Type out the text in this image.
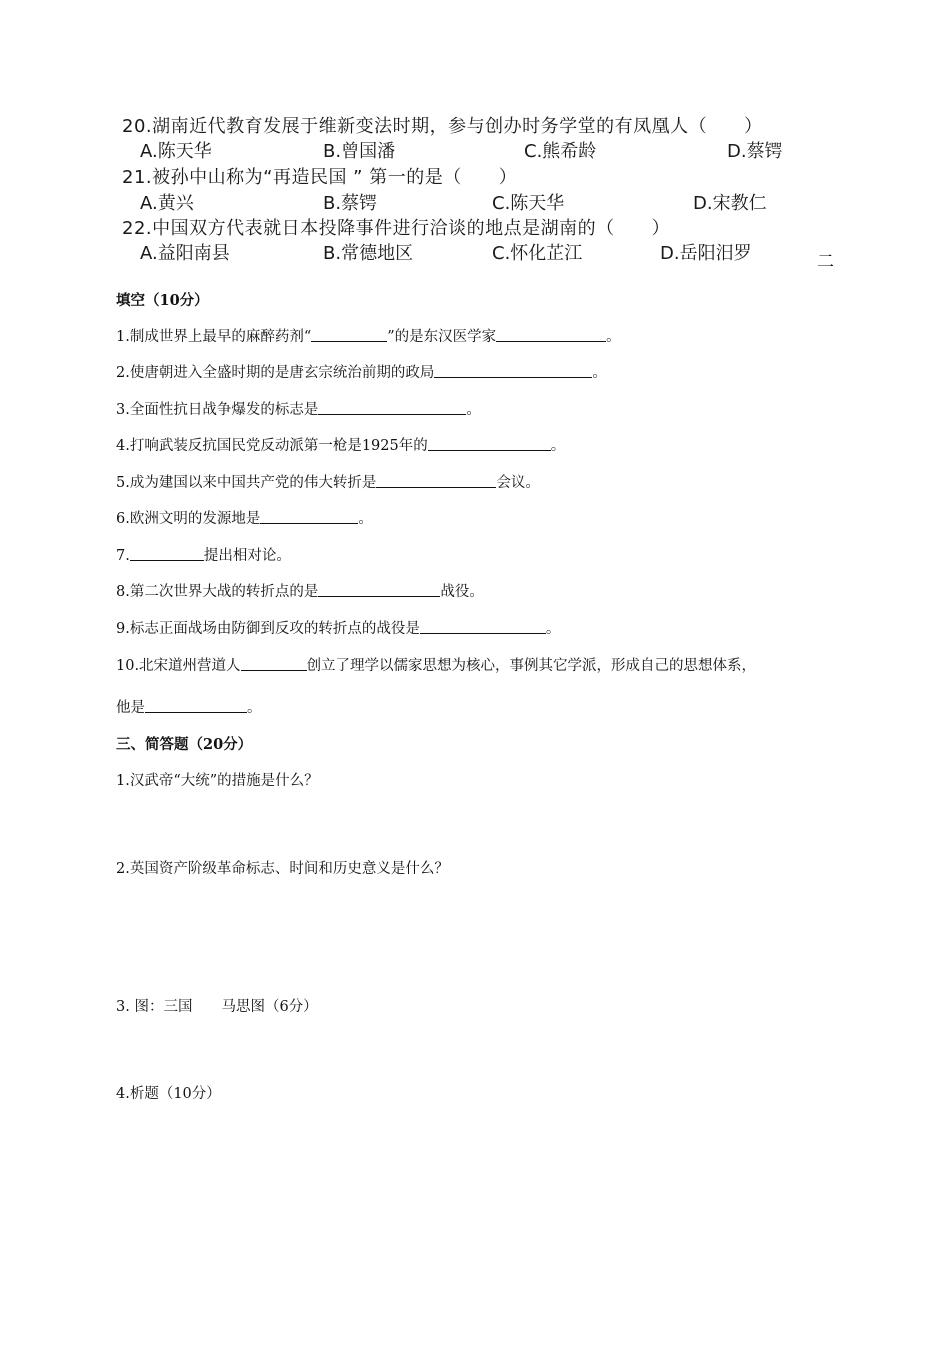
20.湖南近代教育发展于维新变法时期，参与创办时务学堂的有凤凰人（　　）
A.陈天华	B.曾国潘	C.熊希龄	D.蔡锷
21.被孙中山称为“再造民国 ” 第一的是（　　）
A.黄兴	B.蔡锷	C.陈天华	D.宋教仁
22.中国双方代表就日本投降事件进行洽谈的地点是湖南的（　　）
A.益阳南县	B.常德地区	C.怀化芷江	D.岳阳汨罗	二
填空（10分）
1.制成世界上最早的麻醉药剂“	”的是东汉医学家	。
2.使唐朝进入全盛时期的是唐玄宗统治前期的政局	。
3.全面性抗日战争爆发的标志是	。
4.打响武装反抗国民党反动派第一枪是1925年的	。
5.成为建国以来中国共产党的伟大转折是	会议。
6.欧洲文明的发源地是	。
7.	提出相对论。
8.第二次世界大战的转折点的是	战役。
9.标志正面战场由防御到反攻的转折点的战役是	。
10.北宋道州营道人	创立了理学以儒家思想为核心，事例其它学派，形成自己的思想体系，
他是	。
三、简答题（20分）
1.汉武帝“大统”的措施是什么？
2.英国资产阶级革命标志、时间和历史意义是什么？
3. 图：三国　　马思图（6分）
4.析题（10分）
